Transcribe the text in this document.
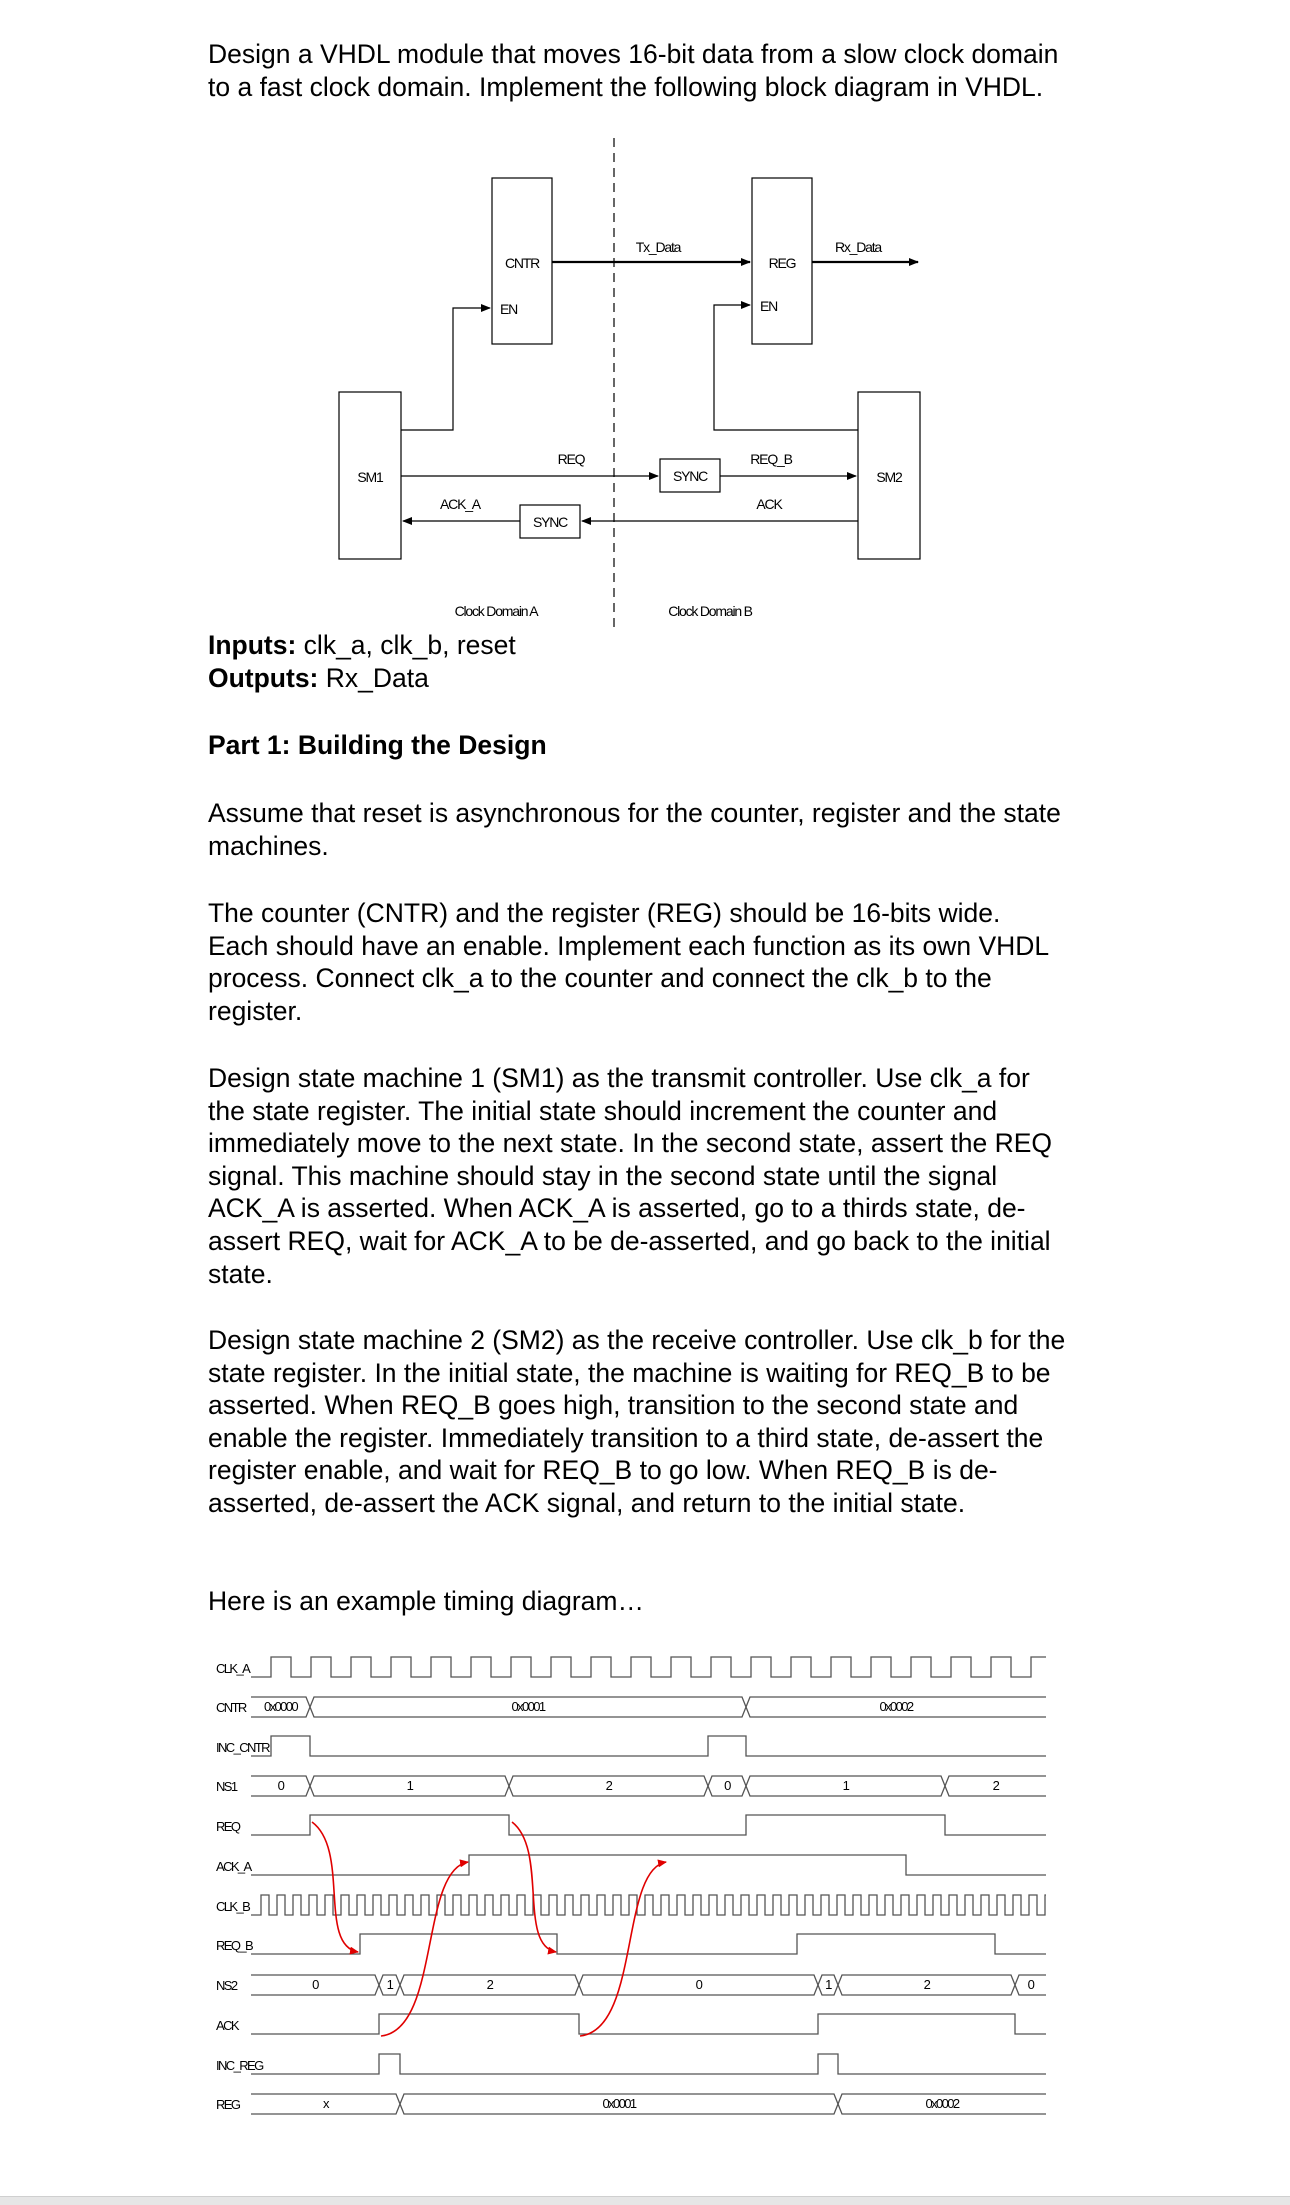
Design a VHDL module that moves 16-bit data from a slow clock domain to a fast clock domain. Implement the following block diagram in VHDL.

CNTR
EN
REG
EN
SM1	SM2
SYNC
SYNC
Tx_Data	Rx_Data
REQ	REQ_B
ACK
ACK_A
Clock Domain A	Clock Domain B
Inputs: clk_a, clk_b, reset
Outputs: Rx_Data
Part 1: Building the Design

Assume that reset is asynchronous for the counter, register and the state machines.

The counter (CNTR) and the register (REG) should be 16-bits wide. Each should have an enable. Implement each function as its own VHDL process. Connect clk_a to the counter and connect the clk_b to the register.

Design state machine 1 (SM1) as the transmit controller. Use clk_a for the state register. The initial state should increment the counter and immediately move to the next state. In the second state, assert the REQ signal. This machine should stay in the second state until the signal ACK_A is asserted. When ACK_A is asserted, go to a thirds state, de-assert REQ, wait for ACK_A to be de-asserted, and go back to the initial state.

Design state machine 2 (SM2) as the receive controller. Use clk_b for the state register. In the initial state, the machine is waiting for REQ_B to be asserted. When REQ_B goes high, transition to the second state and enable the register. Immediately transition to a third state, de-assert the register enable, and wait for REQ_B to go low. When REQ_B is de-asserted, de-assert the ACK signal, and return to the initial state.

Here is an example timing diagram…

CLK_A
CNTR
INC_CNTR
NS1
REQ
ACK_A
CLK_B
REQ_B
NS2
ACK
INC_REG
REG
0x0000	0x0001	0x0002
0	1	2	0	1	2
0	1	2	0	1	2	0
x	0x0001	0x0002
